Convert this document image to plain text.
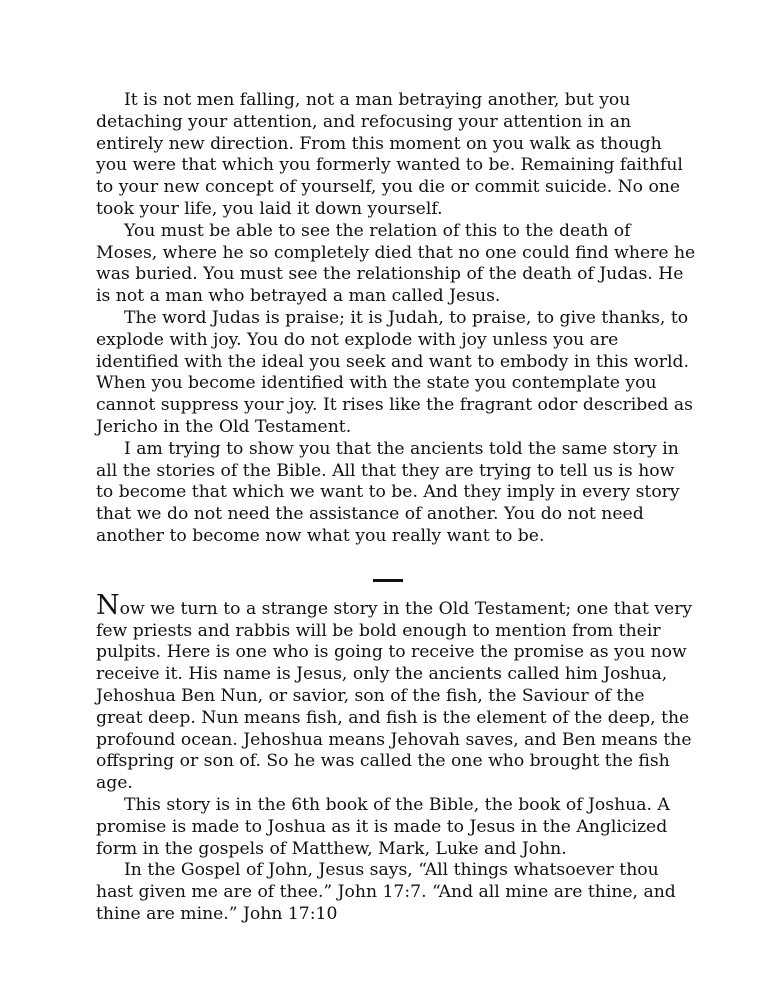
It is not men falling, not a man betraying another, but you detaching your attention, and refocusing your attention in an entirely new direction. From this moment on you walk as though you were that which you formerly wanted to be. Remaining faithful to your new concept of yourself, you die or commit suicide. No one took your life, you laid it down yourself.

You must be able to see the relation of this to the death of Moses, where he so completely died that no one could find where he was buried. You must see the relationship of the death of Judas. He is not a man who betrayed a man called Jesus.

The word Judas is praise; it is Judah, to praise, to give thanks, to explode with joy. You do not explode with joy unless you are identified with the ideal you seek and want to embody in this world. When you become identified with the state you contemplate you cannot suppress your joy. It rises like the fragrant odor described as Jericho in the Old Testament.

I am trying to show you that the ancients told the same story in all the stories of the Bible. All that they are trying to tell us is how to become that which we want to be. And they imply in every story that we do not need the assistance of another. You do not need another to become now what you really want to be.

Now we turn to a strange story in the Old Testament; one that very few priests and rabbis will be bold enough to mention from their pulpits. Here is one who is going to receive the promise as you now receive it. His name is Jesus, only the ancients called him Joshua, Jehoshua Ben Nun, or savior, son of the fish, the Saviour of the great deep. Nun means fish, and fish is the element of the deep, the profound ocean. Jehoshua means Jehovah saves, and Ben means the offspring or son of. So he was called the one who brought the fish age.

This story is in the 6th book of the Bible, the book of Joshua. A promise is made to Joshua as it is made to Jesus in the Anglicized form in the gospels of Matthew, Mark, Luke and John.

In the Gospel of John, Jesus says, “All things whatsoever thou hast given me are of thee.” John 17:7. “And all mine are thine, and thine are mine.” John 17:10
